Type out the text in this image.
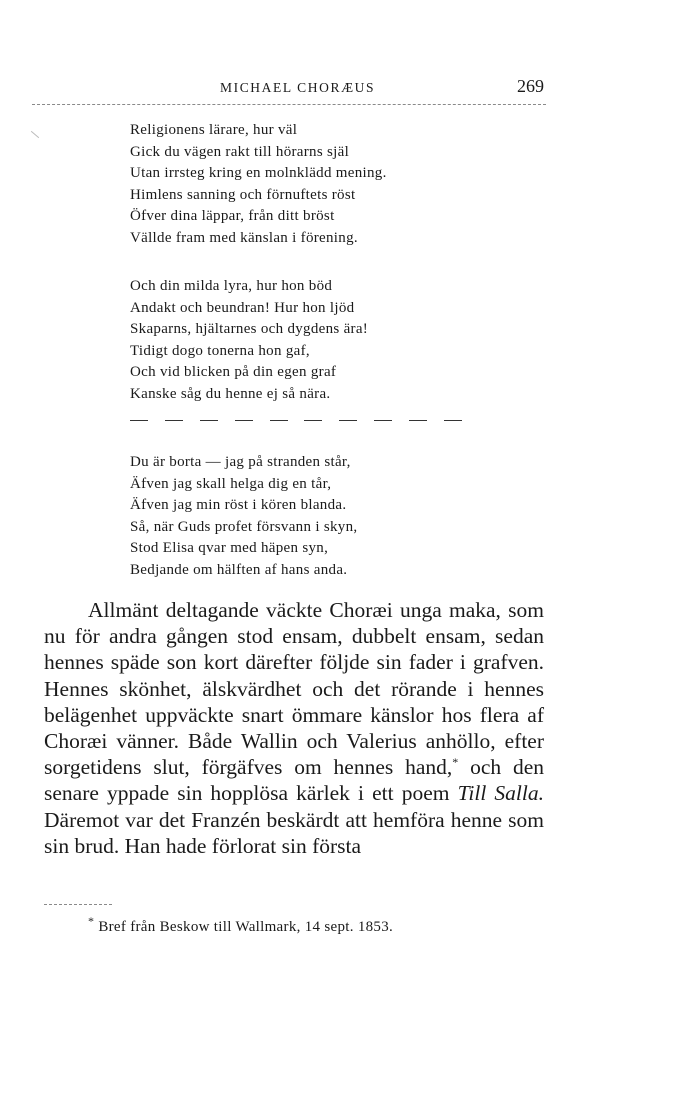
MICHAEL CHORÆUS	269
Religionens lärare, hur väl
Gick du vägen rakt till hörarns själ
Utan irrsteg kring en molnklädd mening.
Himlens sanning och förnuftets röst
Öfver dina läppar, från ditt bröst
Vällde fram med känslan i förening.
Och din milda lyra, hur hon böd
Andakt och beundran! Hur hon ljöd
Skaparns, hjältarnes och dygdens ära!
Tidigt dogo tonerna hon gaf,
Och vid blicken på din egen graf
Kanske såg du henne ej så nära.
Du är borta — jag på stranden står,
Äfven jag skall helga dig en tår,
Äfven jag min röst i kören blanda.
Så, när Guds profet försvann i skyn,
Stod Elisa qvar med häpen syn,
Bedjande om hälften af hans anda.

Allmänt deltagande väckte Choræi unga maka, som nu för andra gången stod ensam, dubbelt ensam, sedan hennes späde son kort därefter följde sin fader i grafven. Hennes skönhet, älskvärdhet och det rörande i hennes belägenhet uppväckte snart ömmare känslor hos flera af Choræi vänner. Både Wallin och Valerius anhöllo, efter sorgetidens slut, förgäfves om hennes hand,* och den senare yppade sin hopplösa kärlek i ett poem Till Salla. Däremot var det Franzén beskärdt att hemföra henne som sin brud. Han hade förlorat sin första

* Bref från Beskow till Wallmark, 14 sept. 1853.
